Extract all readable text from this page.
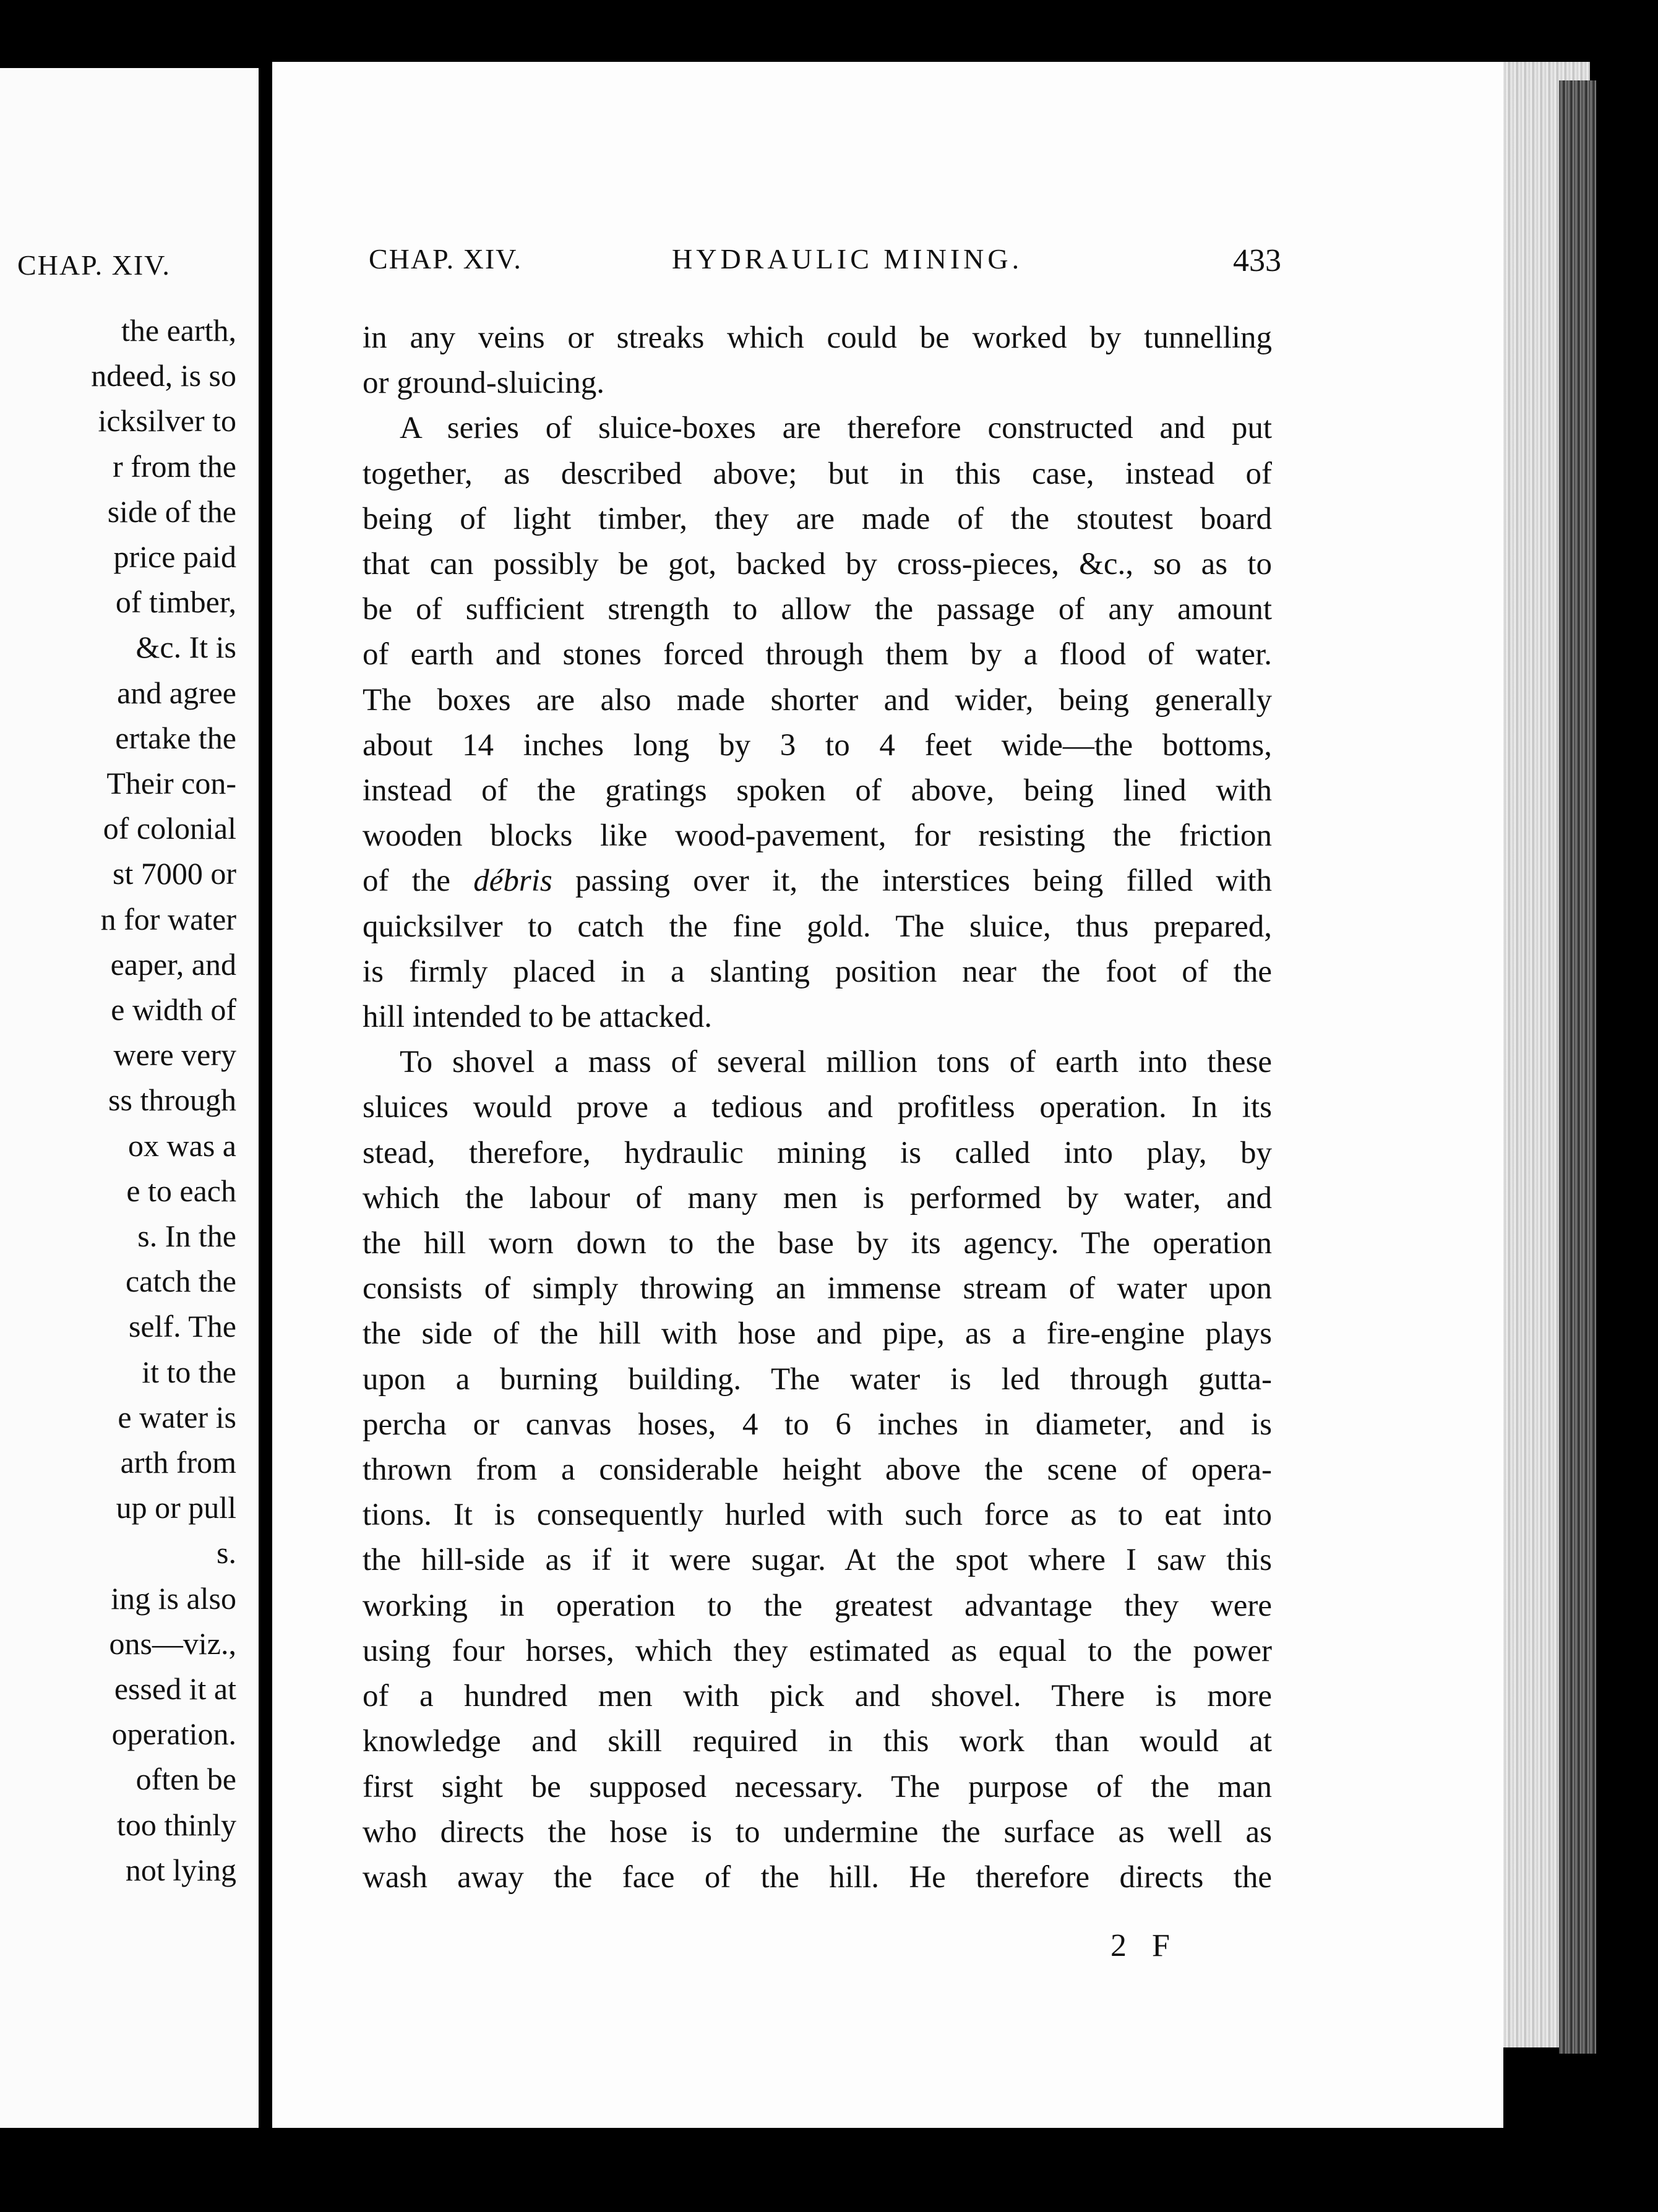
CHAP. XIV.
the earth,
ndeed, is so
icksilver to
r from the
side of the
price paid
of timber,
&c. It is
and agree
ertake the
Their con-
of colonial
st 7000 or
n for water
eaper, and
e width of
were very
ss through
ox was a
e to each
s. In the
catch the
self. The
it to the
e water is
arth from
up or pull
s.
ing is also
ons—viz.,
essed it at
operation.
often be
too thinly
not lying
CHAP. XIV.	HYDRAULIC MINING.	433
in any veins or streaks which could be worked by tunnelling
or ground-sluicing.
A series of sluice-boxes are therefore constructed and put
together, as described above; but in this case, instead of
being of light timber, they are made of the stoutest board
that can possibly be got, backed by cross-pieces, &c., so as to
be of sufficient strength to allow the passage of any amount
of earth and stones forced through them by a flood of water.
The boxes are also made shorter and wider, being generally
about 14 inches long by 3 to 4 feet wide—the bottoms,
instead of the gratings spoken of above, being lined with
wooden blocks like wood-pavement, for resisting the friction
of the débris passing over it, the interstices being filled with
quicksilver to catch the fine gold. The sluice, thus prepared,
is firmly placed in a slanting position near the foot of the
hill intended to be attacked.
To shovel a mass of several million tons of earth into these
sluices would prove a tedious and profitless operation. In its
stead, therefore, hydraulic mining is called into play, by
which the labour of many men is performed by water, and
the hill worn down to the base by its agency. The operation
consists of simply throwing an immense stream of water upon
the side of the hill with hose and pipe, as a fire-engine plays
upon a burning building. The water is led through gutta-
percha or canvas hoses, 4 to 6 inches in diameter, and is
thrown from a considerable height above the scene of opera-
tions. It is consequently hurled with such force as to eat into
the hill-side as if it were sugar. At the spot where I saw this
working in operation to the greatest advantage they were
using four horses, which they estimated as equal to the power
of a hundred men with pick and shovel. There is more
knowledge and skill required in this work than would at
first sight be supposed necessary. The purpose of the man
who directs the hose is to undermine the surface as well as
wash away the face of the hill. He therefore directs the
2 F
